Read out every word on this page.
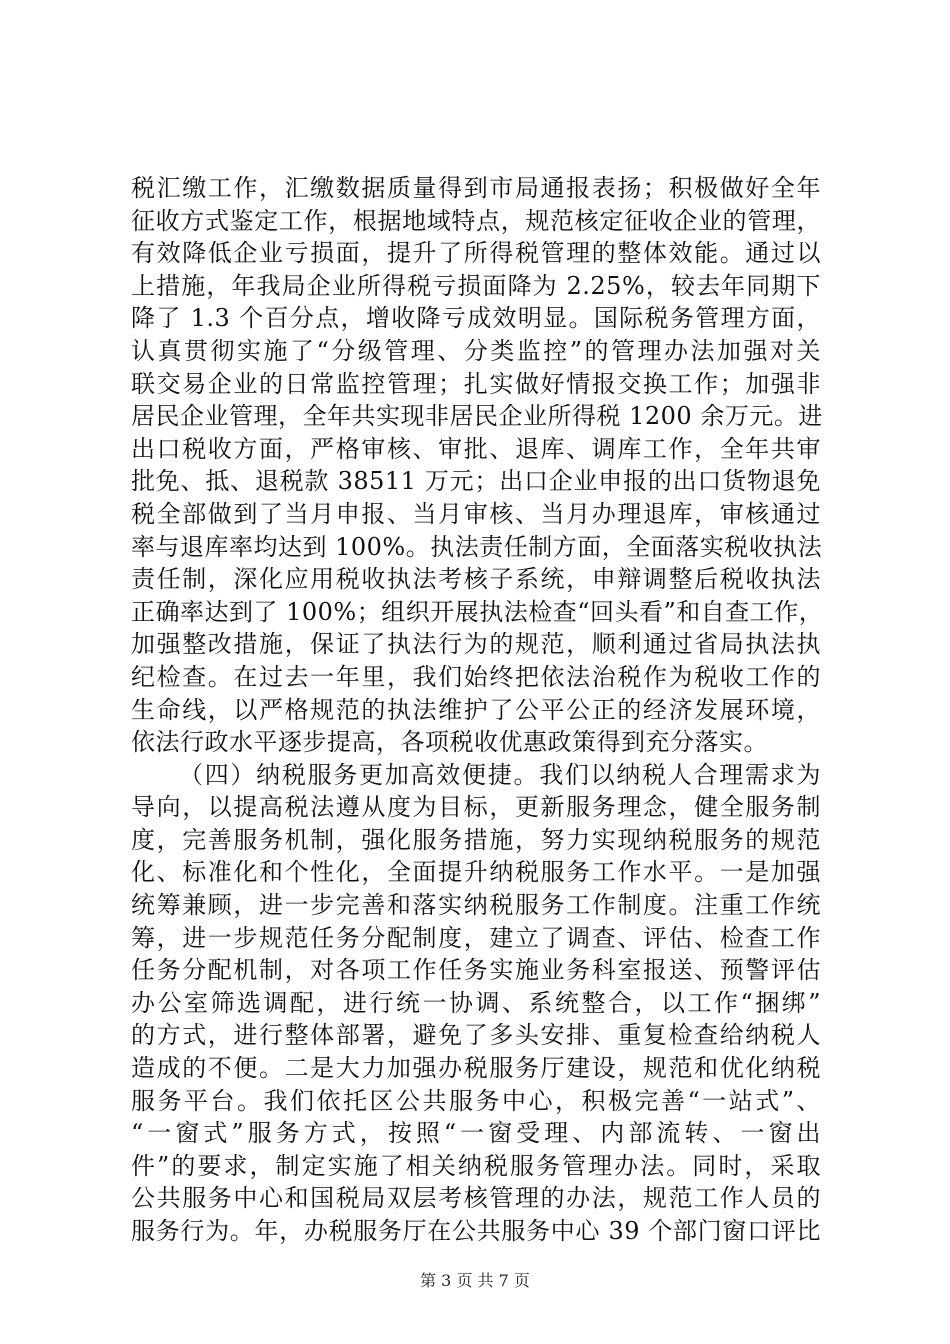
税汇缴工作，汇缴数据质量得到市局通报表扬；积极做好全年
征收方式鉴定工作，根据地域特点，规范核定征收企业的管理，
有效降低企业亏损面，提升了所得税管理的整体效能。通过以
上措施，年我局企业所得税亏损面降为 2.25%，较去年同期下
降了 1.3 个百分点，增收降亏成效明显。国际税务管理方面，
认真贯彻实施了“分级管理、分类监控”的管理办法加强对关
联交易企业的日常监控管理；扎实做好情报交换工作；加强非
居民企业管理，全年共实现非居民企业所得税 1200 余万元。进
出口税收方面，严格审核、审批、退库、调库工作，全年共审
批免、抵、退税款 38511 万元；出口企业申报的出口货物退免
税全部做到了当月申报、当月审核、当月办理退库，审核通过
率与退库率均达到 100%。执法责任制方面，全面落实税收执法
责任制，深化应用税收执法考核子系统，申辩调整后税收执法
正确率达到了 100%；组织开展执法检查“回头看”和自查工作，
加强整改措施，保证了执法行为的规范，顺利通过省局执法执
纪检查。在过去一年里，我们始终把依法治税作为税收工作的
生命线，以严格规范的执法维护了公平公正的经济发展环境，
依法行政水平逐步提高，各项税收优惠政策得到充分落实。
（四）纳税服务更加高效便捷。我们以纳税人合理需求为
导向，以提高税法遵从度为目标，更新服务理念，健全服务制
度，完善服务机制，强化服务措施，努力实现纳税服务的规范
化、标准化和个性化，全面提升纳税服务工作水平。一是加强
统筹兼顾，进一步完善和落实纳税服务工作制度。注重工作统
筹，进一步规范任务分配制度，建立了调查、评估、检查工作
任务分配机制，对各项工作任务实施业务科室报送、预警评估
办公室筛选调配，进行统一协调、系统整合，以工作“捆绑”
的方式，进行整体部署，避免了多头安排、重复检查给纳税人
造成的不便。二是大力加强办税服务厅建设，规范和优化纳税
服务平台。我们依托区公共服务中心，积极完善“一站式”、
“一窗式”服务方式，按照“一窗受理、内部流转、一窗出
件”的要求，制定实施了相关纳税服务管理办法。同时，采取
公共服务中心和国税局双层考核管理的办法，规范工作人员的
服务行为。年，办税服务厅在公共服务中心 39 个部门窗口评比
第 3 页 共 7 页
